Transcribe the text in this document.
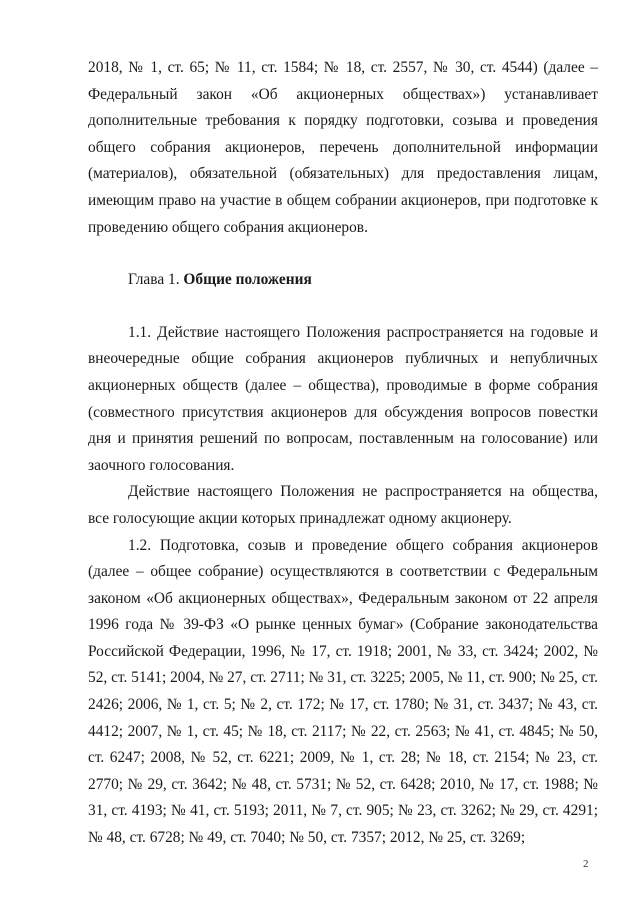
2018, № 1, ст. 65; № 11, ст. 1584; № 18, ст. 2557, № 30, ст. 4544) (далее – Федеральный закон «Об акционерных обществах») устанавливает дополнительные требования к порядку подготовки, созыва и проведения общего собрания акционеров, перечень дополнительной информации (материалов), обязательной (обязательных) для предоставления лицам, имеющим право на участие в общем собрании акционеров, при подготовке к проведению общего собрания акционеров.

Глава 1. Общие положения

1.1. Действие настоящего Положения распространяется на годовые и внеочередные общие собрания акционеров публичных и непубличных акционерных обществ (далее – общества), проводимые в форме собрания (совместного присутствия акционеров для обсуждения вопросов повестки дня и принятия решений по вопросам, поставленным на голосование) или заочного голосования.

Действие настоящего Положения не распространяется на общества, все голосующие акции которых принадлежат одному акционеру.

1.2. Подготовка, созыв и проведение общего собрания акционеров (далее – общее собрание) осуществляются в соответствии с Федеральным законом «Об акционерных обществах», Федеральным законом от 22 апреля 1996 года № 39-ФЗ «О рынке ценных бумаг» (Собрание законодательства Российской Федерации, 1996, № 17, ст. 1918; 2001, № 33, ст. 3424; 2002, № 52, ст. 5141; 2004, № 27, ст. 2711; № 31, ст. 3225; 2005, № 11, ст. 900; № 25, ст. 2426; 2006, № 1, ст. 5; № 2, ст. 172; № 17, ст. 1780; № 31, ст. 3437; № 43, ст. 4412; 2007, № 1, ст. 45; № 18, ст. 2117; № 22, ст. 2563; № 41, ст. 4845; № 50, ст. 6247; 2008, № 52, ст. 6221; 2009, № 1, ст. 28; № 18, ст. 2154; № 23, ст. 2770; № 29, ст. 3642; № 48, ст. 5731; № 52, ст. 6428; 2010, № 17, ст. 1988; № 31, ст. 4193; № 41, ст. 5193; 2011, № 7, ст. 905; № 23, ст. 3262; № 29, ст. 4291; № 48, ст. 6728; № 49, ст. 7040; № 50, ст. 7357; 2012, № 25, ст. 3269;

2
